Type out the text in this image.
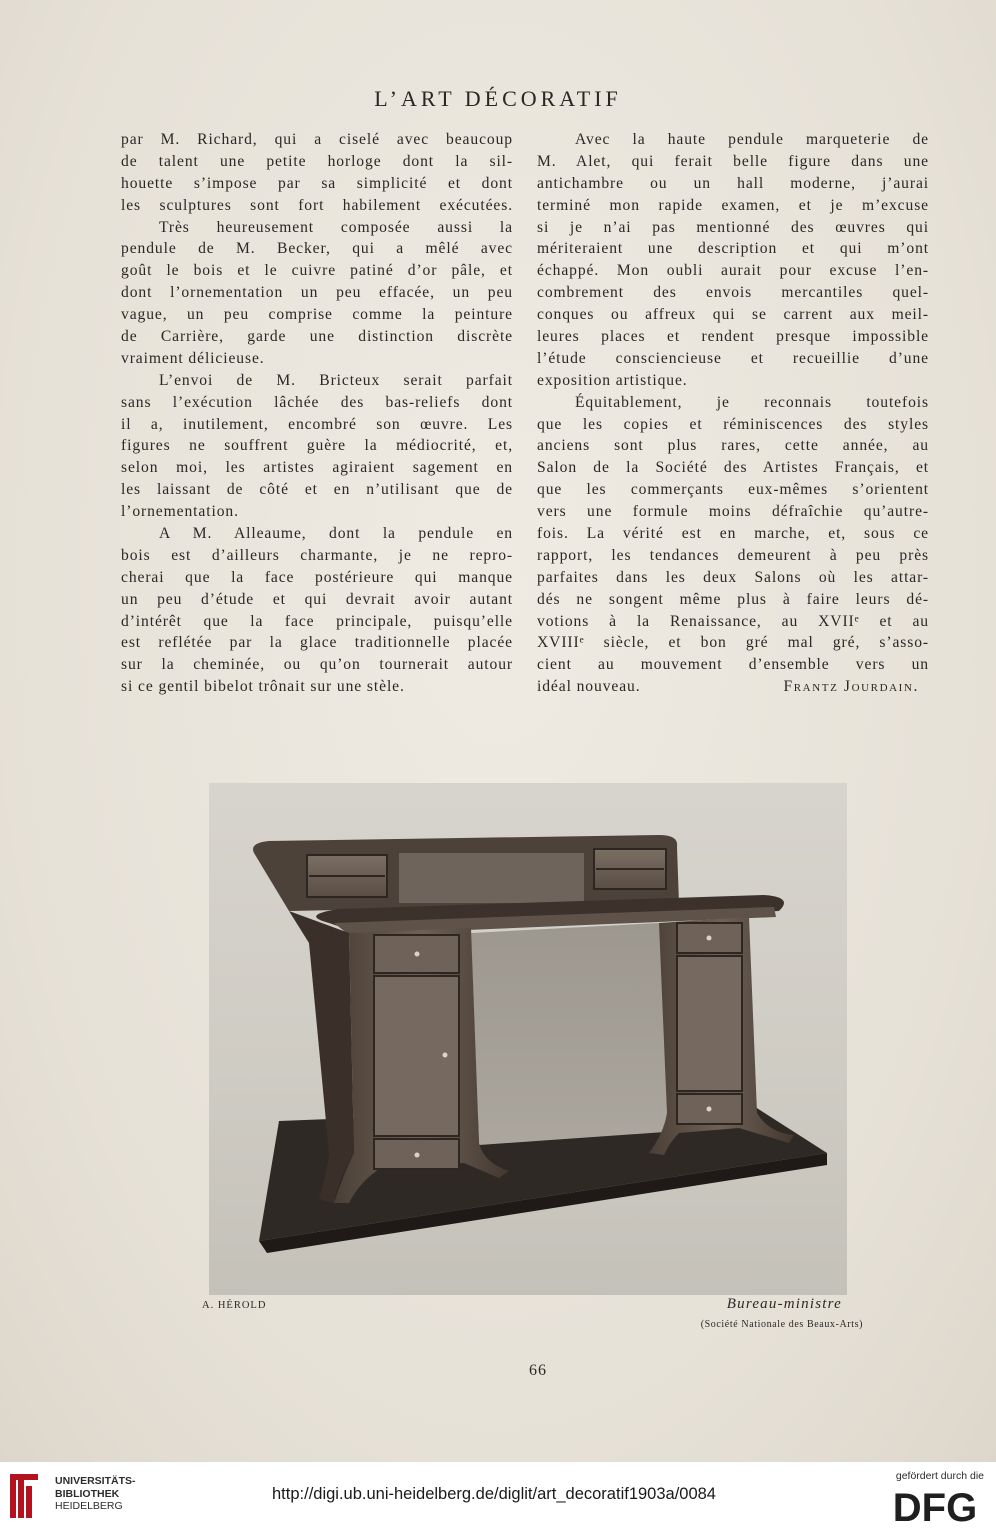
L’ART DÉCORATIF
par M. Richard, qui a ciselé avec beaucoup
de talent une petite horloge dont la sil-
houette s’impose par sa simplicité et dont
les sculptures sont fort habilement exécutées.
Très heureusement composée aussi la
pendule de M. Becker, qui a mêlé avec
goût le bois et le cuivre patiné d’or pâle, et
dont l’ornementation un peu effacée, un peu
vague, un peu comprise comme la peinture
de Carrière, garde une distinction discrète
vraiment délicieuse.
L’envoi de M. Bricteux serait parfait
sans l’exécution lâchée des bas-reliefs dont
il a, inutilement, encombré son œuvre. Les
figures ne souffrent guère la médiocrité, et,
selon moi, les artistes agiraient sagement en
les laissant de côté et en n’utilisant que de
l’ornementation.
A M. Alleaume, dont la pendule en
bois est d’ailleurs charmante, je ne repro-
cherai que la face postérieure qui manque
un peu d’étude et qui devrait avoir autant
d’intérêt que la face principale, puisqu’elle
est reflétée par la glace traditionnelle placée
sur la cheminée, ou qu’on tournerait autour
si ce gentil bibelot trônait sur une stèle.
Avec la haute pendule marqueterie de
M. Alet, qui ferait belle figure dans une
antichambre ou un hall moderne, j’aurai
terminé mon rapide examen, et je m’excuse
si je n’ai pas mentionné des œuvres qui
mériteraient une description et qui m’ont
échappé. Mon oubli aurait pour excuse l’en-
combrement des envois mercantiles quel-
conques ou affreux qui se carrent aux meil-
leures places et rendent presque impossible
l’étude consciencieuse et recueillie d’une
exposition artistique.
Équitablement, je reconnais toutefois
que les copies et réminiscences des styles
anciens sont plus rares, cette année, au
Salon de la Société des Artistes Français, et
que les commerçants eux-mêmes s’orientent
vers une formule moins défraîchie qu’autre-
fois. La vérité est en marche, et, sous ce
rapport, les tendances demeurent à peu près
parfaites dans les deux Salons où les attar-
dés ne songent même plus à faire leurs dé-
votions à la Renaissance, au XVIIᵉ et au
XVIIIᵉ siècle, et bon gré mal gré, s’asso-
cient au mouvement d’ensemble vers un
idéal nouveau.	Frantz Jourdain.
A. HÉROLD	Bureau-ministre
(Société Nationale des Beaux-Arts)
66
UNIVERSITÄTS-
BIBLIOTHEK
HEIDELBERG
http://digi.ub.uni-heidelberg.de/diglit/art_decoratif1903a/0084
gefördert durch die
DFG
